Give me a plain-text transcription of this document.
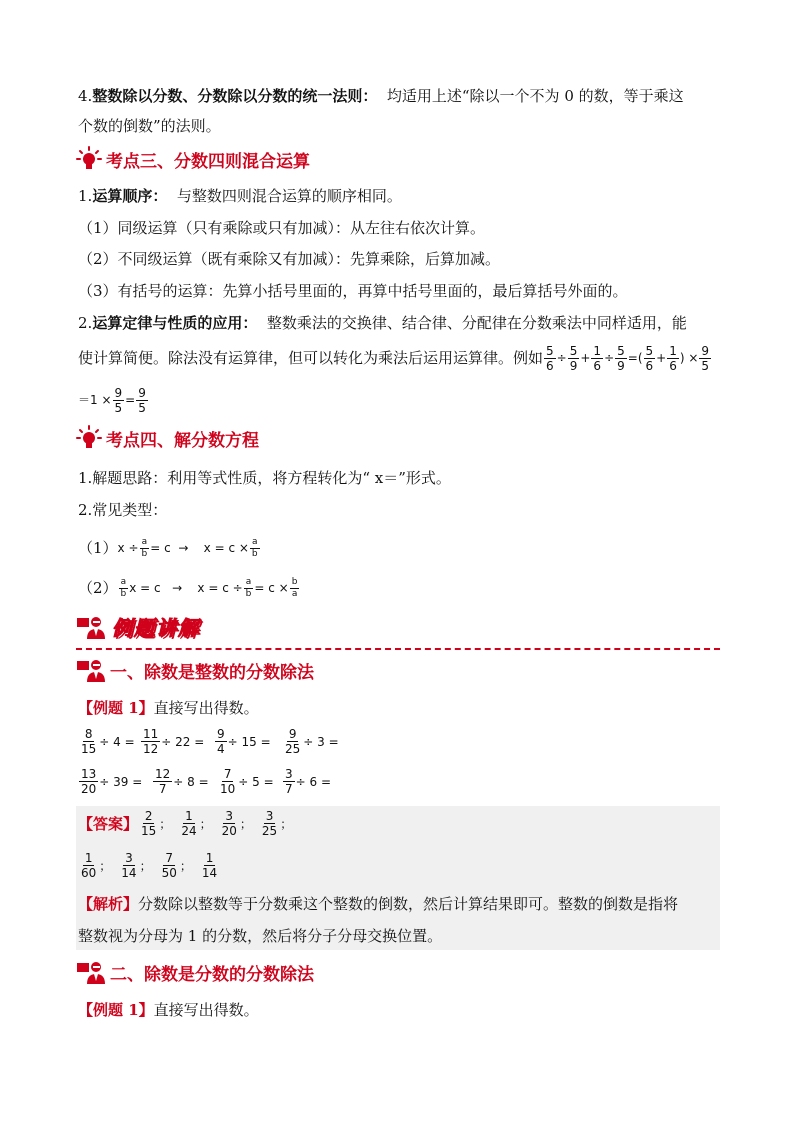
4.整数除以分数、分数除以分数的统一法则： 均适用上述“除以一个不为 0 的数，等于乘这
个数的倒数”的法则。
考点三、分数四则混合运算
1.运算顺序： 与整数四则混合运算的顺序相同。
（1）同级运算（只有乘除或只有加减）：从左往右依次计算。
（2）不同级运算（既有乘除又有加减）：先算乘除，后算加减。
（3）有括号的运算：先算小括号里面的，再算中括号里面的，最后算括号外面的。
2.运算定律与性质的应用： 整数乘法的交换律、结合律、分配律在分数乘法中同样适用，能
使计算简便。除法没有运算律，但可以转化为乘法后运用运算律。例如 $\frac{5}{6} \div \frac{5}{9} + \frac{1}{6} \div \frac{5}{9}$ =( $\frac{5}{6} + \frac{1}{6}$ ) × $\frac{9}{5}$
$=1 \times \frac{9}{5} = \frac{9}{5}$
考点四、解分数方程
1.解题思路：利用等式性质，将方程转化为“ x＝”形式。
2.常见类型：
（1） $x \div \frac{a}{b} = c$  →    $x = c \times \frac{a}{b}$
$(2) \frac{a}{b}$ x = c   →    $x = c \div \frac{a}{b} = c \times \frac{b}{a}$
例题讲解
一、除数是整数的分数除法
【例题 1】直接写出得数。
$\frac{8}{15} \div 4 = \frac{11}{12} \div 22 = \frac{9}{4} \div 15 = \frac{9}{25} \div 3$ =
$\frac{13}{20} \div 39 = \frac{12}{7} \div 8 = \frac{7}{10} \div 5 = \frac{3}{7} \div 6$ =
【答案】 $\frac{2}{15}$ ； $\frac{1}{24}$ ； $\frac{3}{20}$ ； $\frac{3}{25}$ ；
$\frac{1}{60}$ ； $\frac{3}{14}$ ； $\frac{7}{50}$ ； $\frac{1}{14}$
【解析】分数除以整数等于分数乘这个整数的倒数，然后计算结果即可。整数的倒数是指将
整数视为分母为 1 的分数，然后将分子分母交换位置。
二、除数是分数的分数除法
【例题 1】直接写出得数。
